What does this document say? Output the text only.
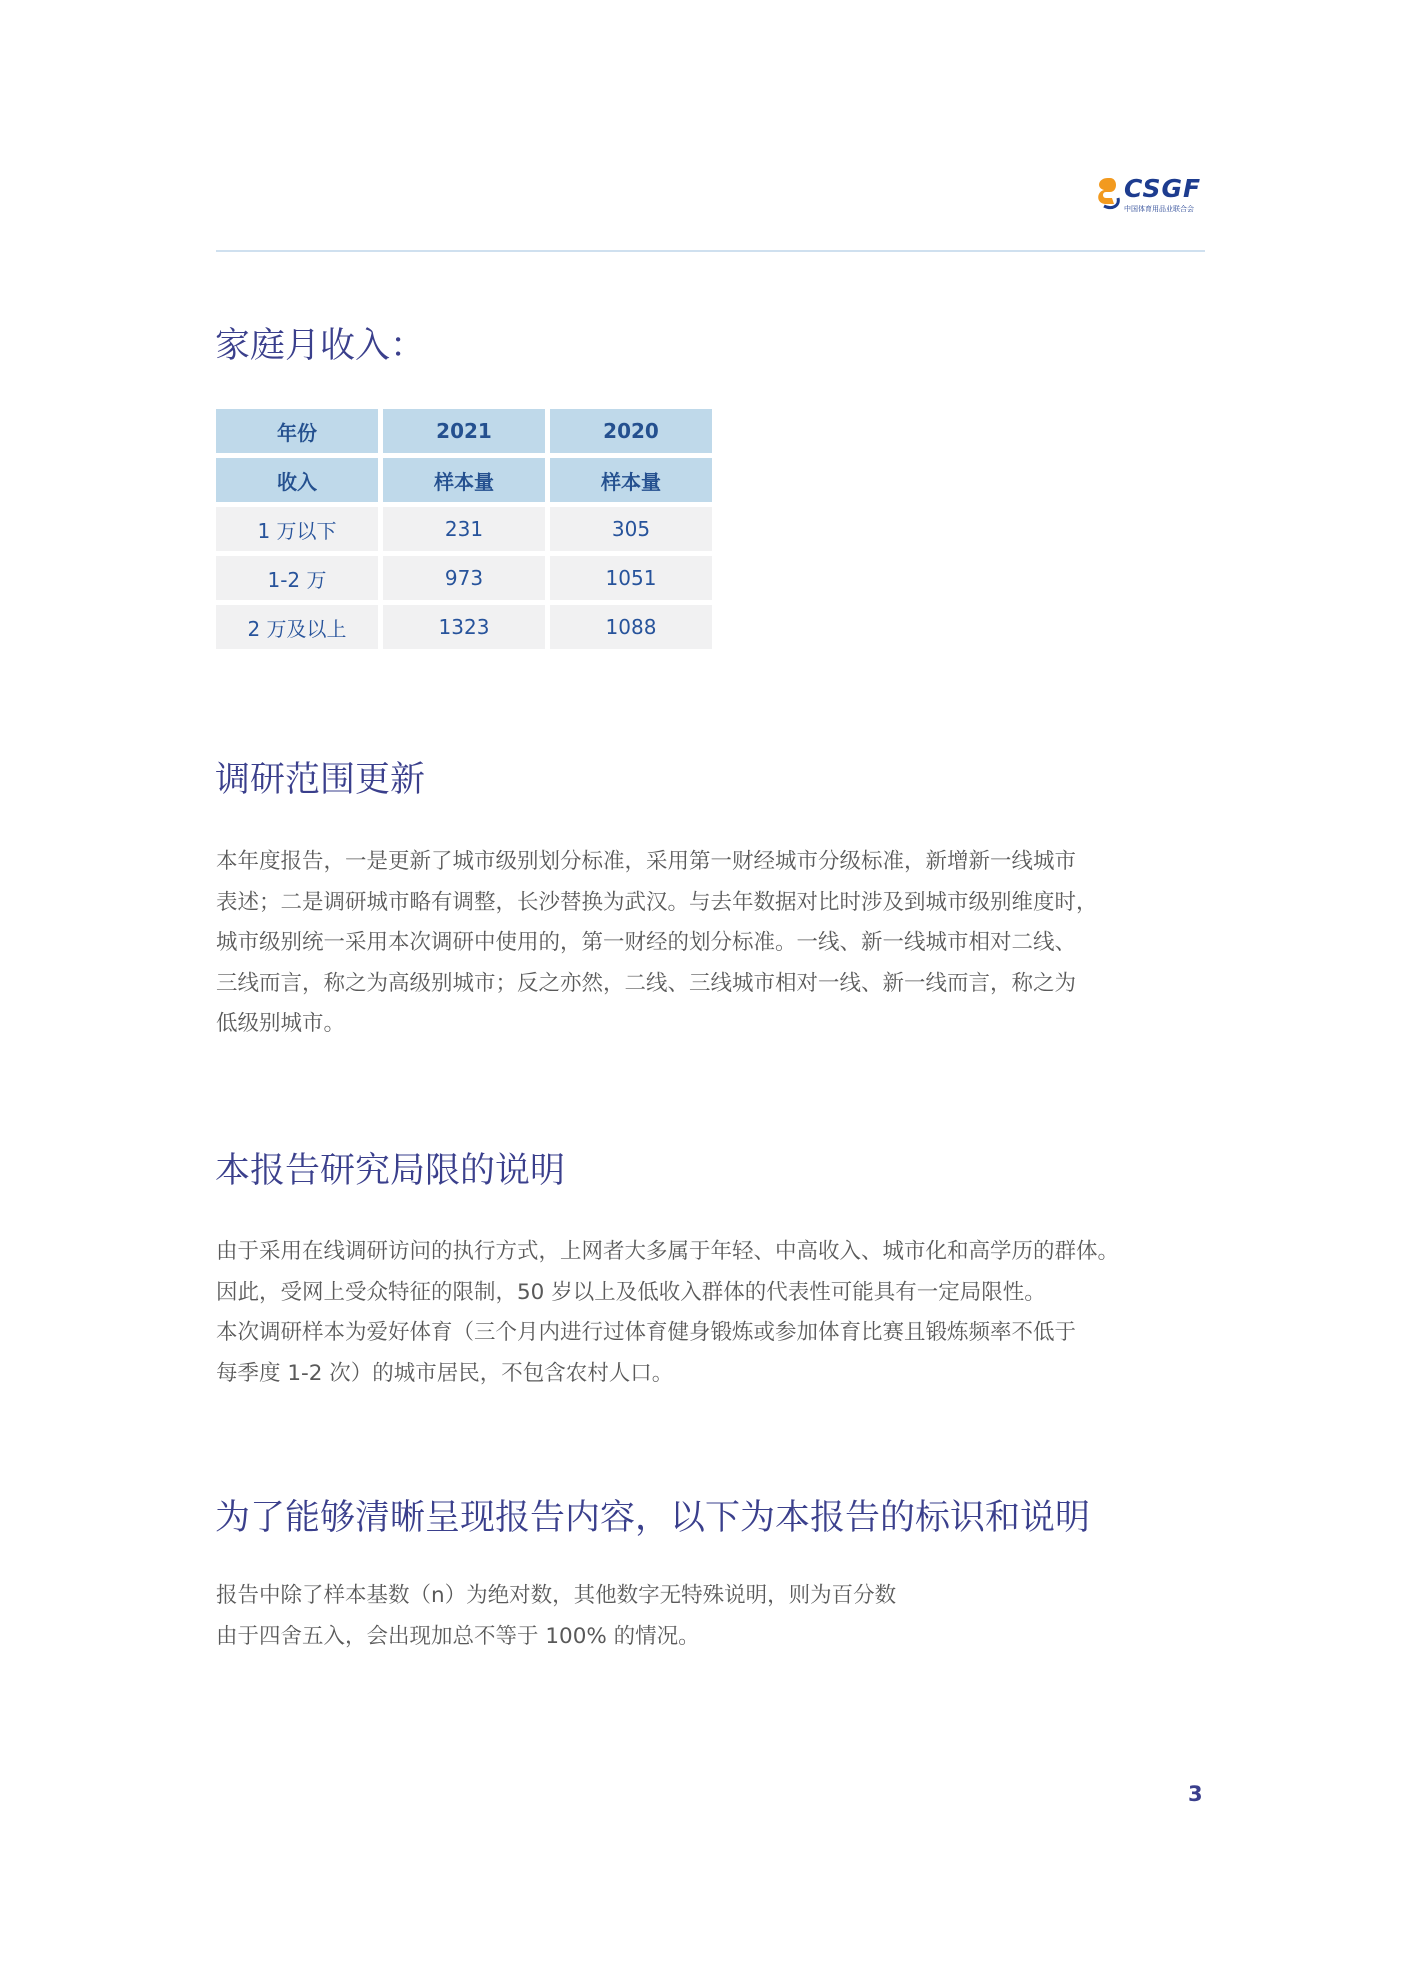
CSGF
中国体育用品业联合会
家庭月收入：
年份	2021	2020
收入	样本量	样本量
1 万以下	231	305
1-2 万	973	1051
2 万及以上	1323	1088
调研范围更新
本年度报告，一是更新了城市级别划分标准，采用第一财经城市分级标准，新增新一线城市
表述；二是调研城市略有调整，长沙替换为武汉。与去年数据对比时涉及到城市级别维度时，
城市级别统一采用本次调研中使用的，第一财经的划分标准。一线、新一线城市相对二线、
三线而言，称之为高级别城市；反之亦然，二线、三线城市相对一线、新一线而言，称之为
低级别城市。
本报告研究局限的说明
由于采用在线调研访问的执行方式，上网者大多属于年轻、中高收入、城市化和高学历的群体。
因此，受网上受众特征的限制，50 岁以上及低收入群体的代表性可能具有一定局限性。
本次调研样本为爱好体育（三个月内进行过体育健身锻炼或参加体育比赛且锻炼频率不低于
每季度 1-2 次）的城市居民，不包含农村人口。
为了能够清晰呈现报告内容，以下为本报告的标识和说明
报告中除了样本基数（n）为绝对数，其他数字无特殊说明，则为百分数
由于四舍五入，会出现加总不等于 100% 的情况。
3
